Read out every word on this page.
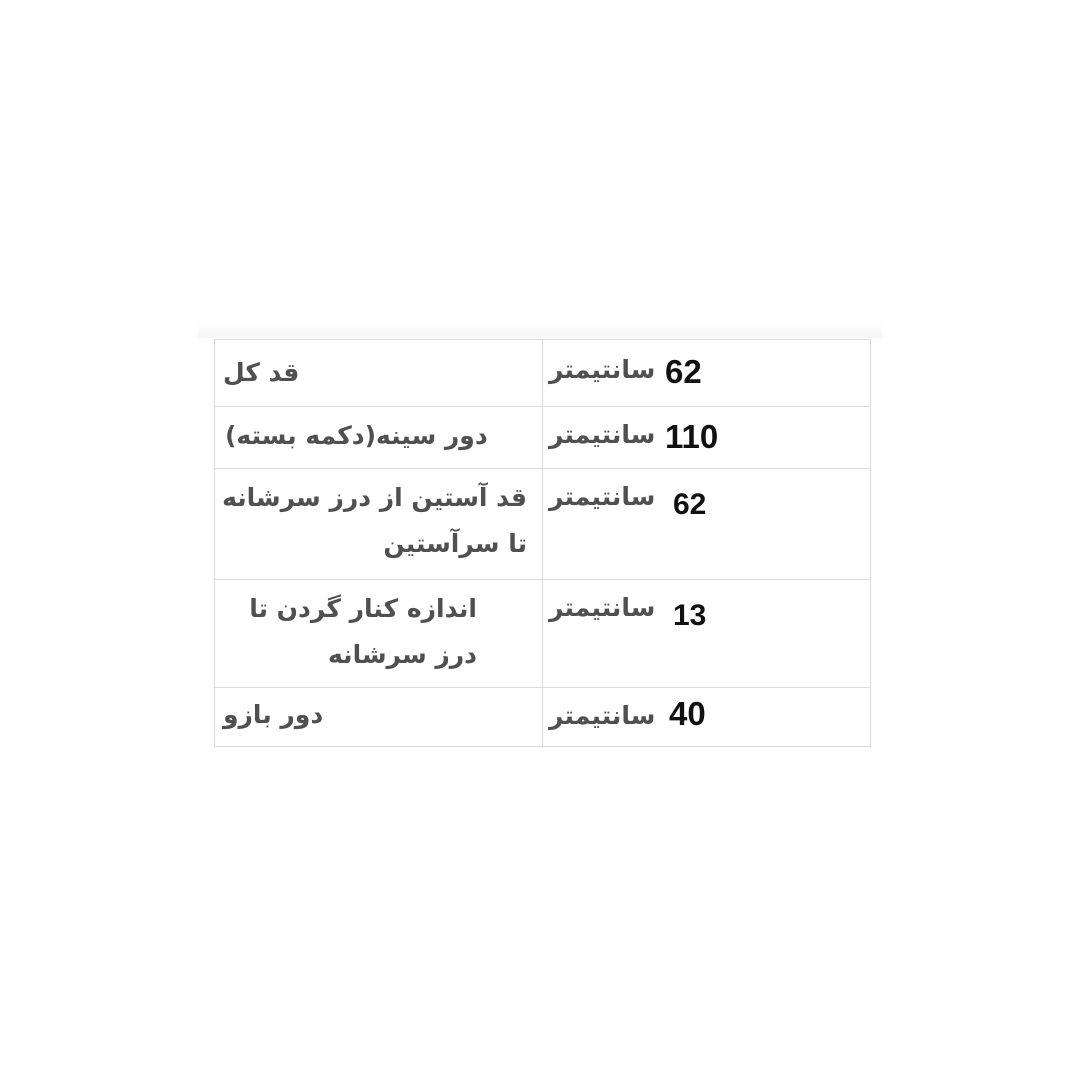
قد کل	سانتیمتر 62

دور سینه(دکمه بسته)	سانتیمتر 110

قد آستین از درز سرشانه تا سرآستین	سانتیمتر 62

اندازه کنار گردن تا درز سرشانه	سانتیمتر 13

دور بازو	سانتیمتر 40
